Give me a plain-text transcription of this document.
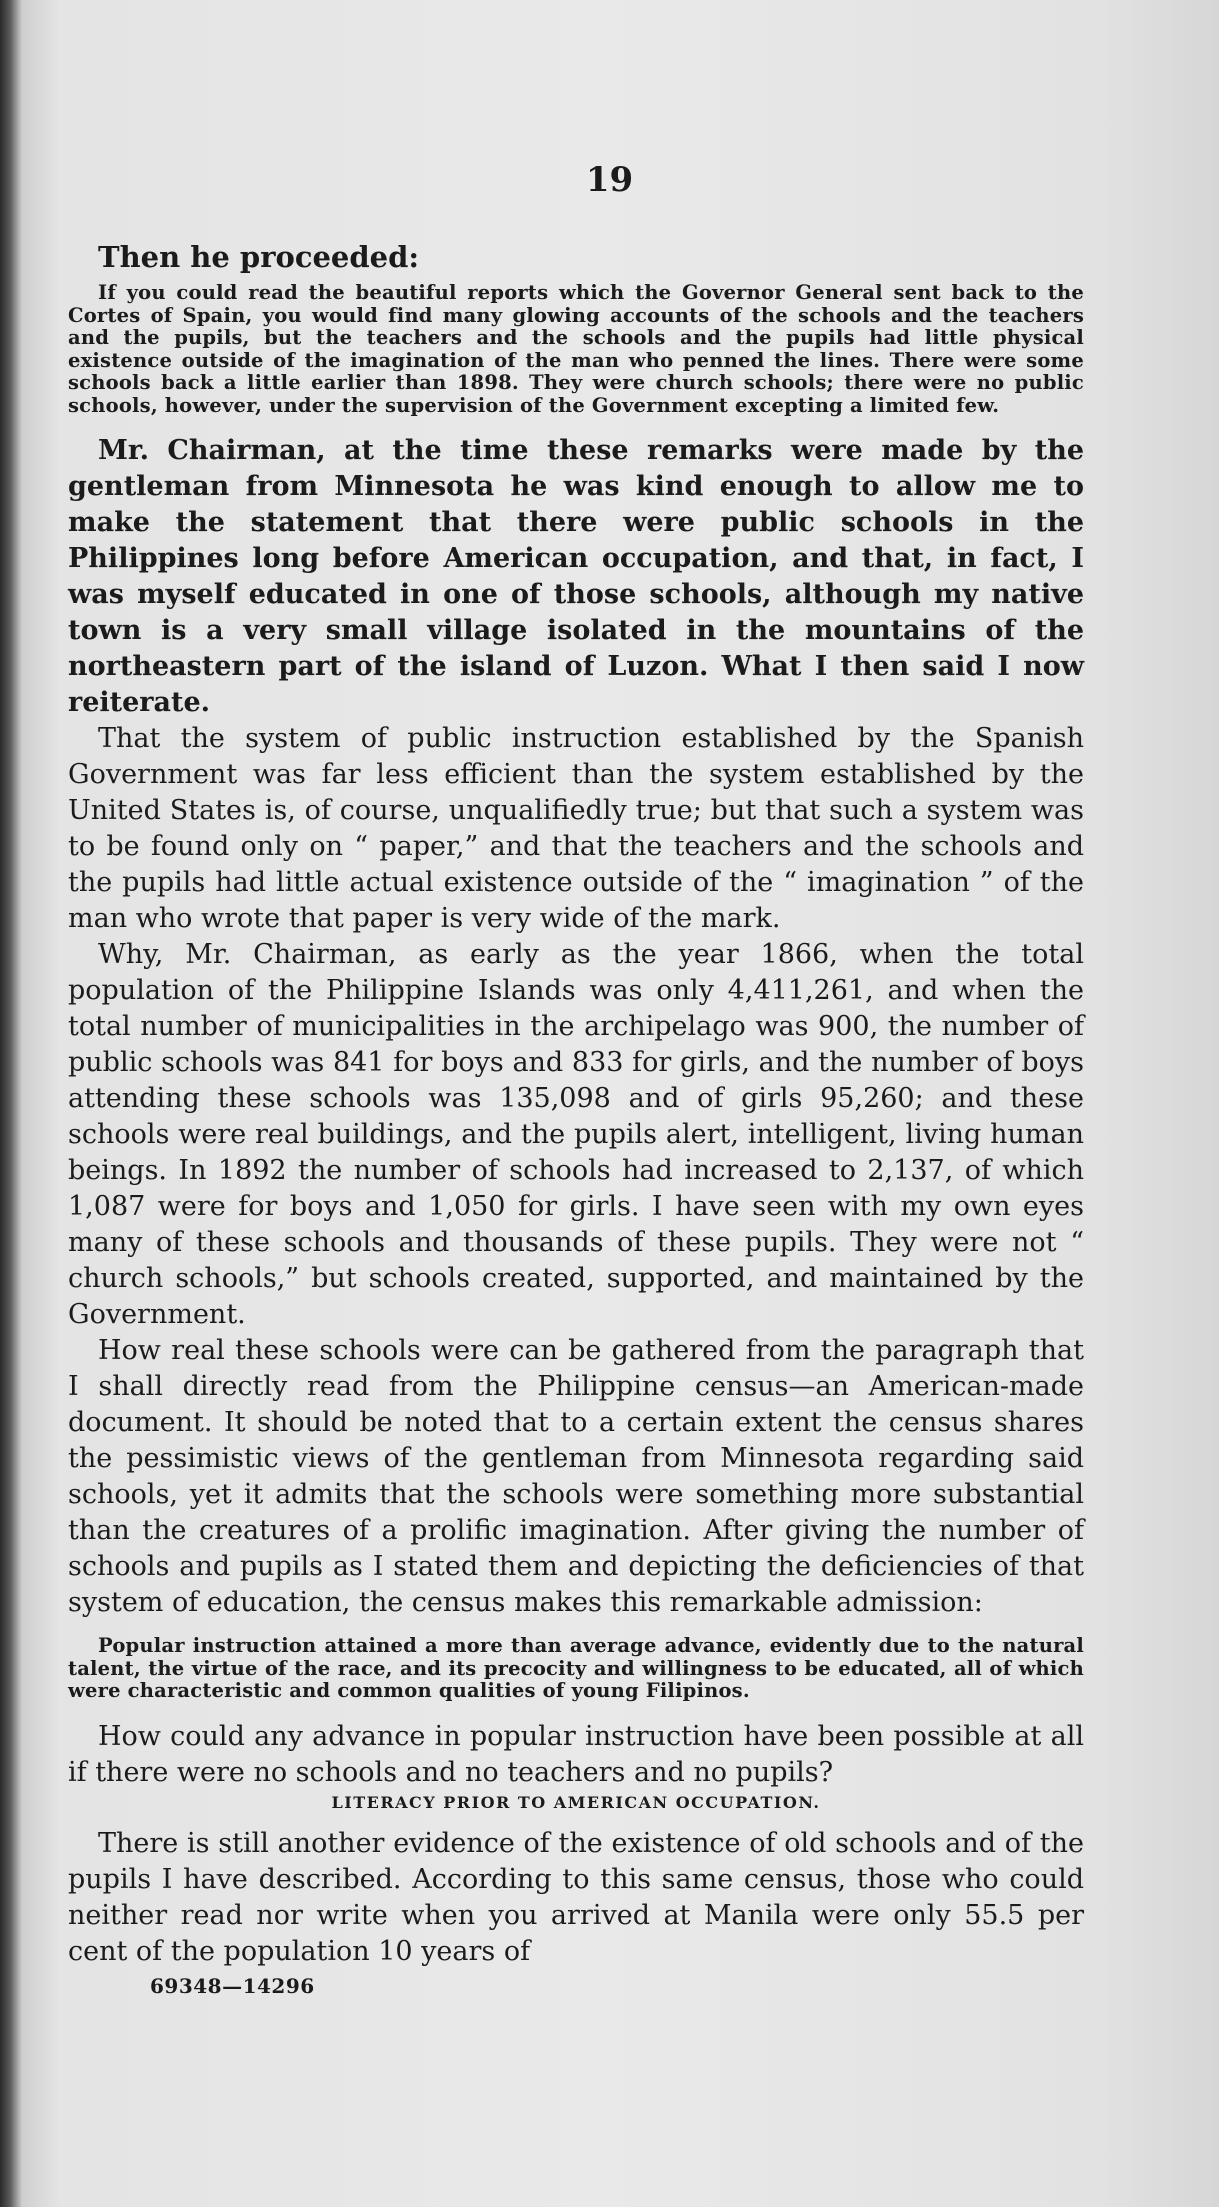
19

Then he proceeded:

If you could read the beautiful reports which the Governor General sent back to the Cortes of Spain, you would find many glowing accounts of the schools and the teachers and the pupils, but the teachers and the schools and the pupils had little physical existence outside of the imagination of the man who penned the lines. There were some schools back a little earlier than 1898. They were church schools; there were no public schools, however, under the supervision of the Government excepting a limited few.

Mr. Chairman, at the time these remarks were made by the gentleman from Minnesota he was kind enough to allow me to make the statement that there were public schools in the Philippines long before American occupation, and that, in fact, I was myself educated in one of those schools, although my native town is a very small village isolated in the mountains of the northeastern part of the island of Luzon. What I then said I now reiterate.

That the system of public instruction established by the Spanish Government was far less efficient than the system established by the United States is, of course, unqualifiedly true; but that such a system was to be found only on “ paper,” and that the teachers and the schools and the pupils had little actual existence outside of the “ imagination ” of the man who wrote that paper is very wide of the mark.

Why, Mr. Chairman, as early as the year 1866, when the total population of the Philippine Islands was only 4,411,261, and when the total number of municipalities in the archipelago was 900, the number of public schools was 841 for boys and 833 for girls, and the number of boys attending these schools was 135,098 and of girls 95,260; and these schools were real buildings, and the pupils alert, intelligent, living human beings. In 1892 the number of schools had increased to 2,137, of which 1,087 were for boys and 1,050 for girls. I have seen with my own eyes many of these schools and thousands of these pupils. They were not “ church schools,” but schools created, supported, and maintained by the Government.

How real these schools were can be gathered from the paragraph that I shall directly read from the Philippine census—an American-made document. It should be noted that to a certain extent the census shares the pessimistic views of the gentleman from Minnesota regarding said schools, yet it admits that the schools were something more substantial than the creatures of a prolific imagination. After giving the number of schools and pupils as I stated them and depicting the deficiencies of that system of education, the census makes this remarkable admission:

Popular instruction attained a more than average advance, evidently due to the natural talent, the virtue of the race, and its precocity and willingness to be educated, all of which were characteristic and common qualities of young Filipinos.

How could any advance in popular instruction have been possible at all if there were no schools and no teachers and no pupils?

LITERACY PRIOR TO AMERICAN OCCUPATION.

There is still another evidence of the existence of old schools and of the pupils I have described. According to this same census, those who could neither read nor write when you arrived at Manila were only 55.5 per cent of the population 10 years of

69348—14296
